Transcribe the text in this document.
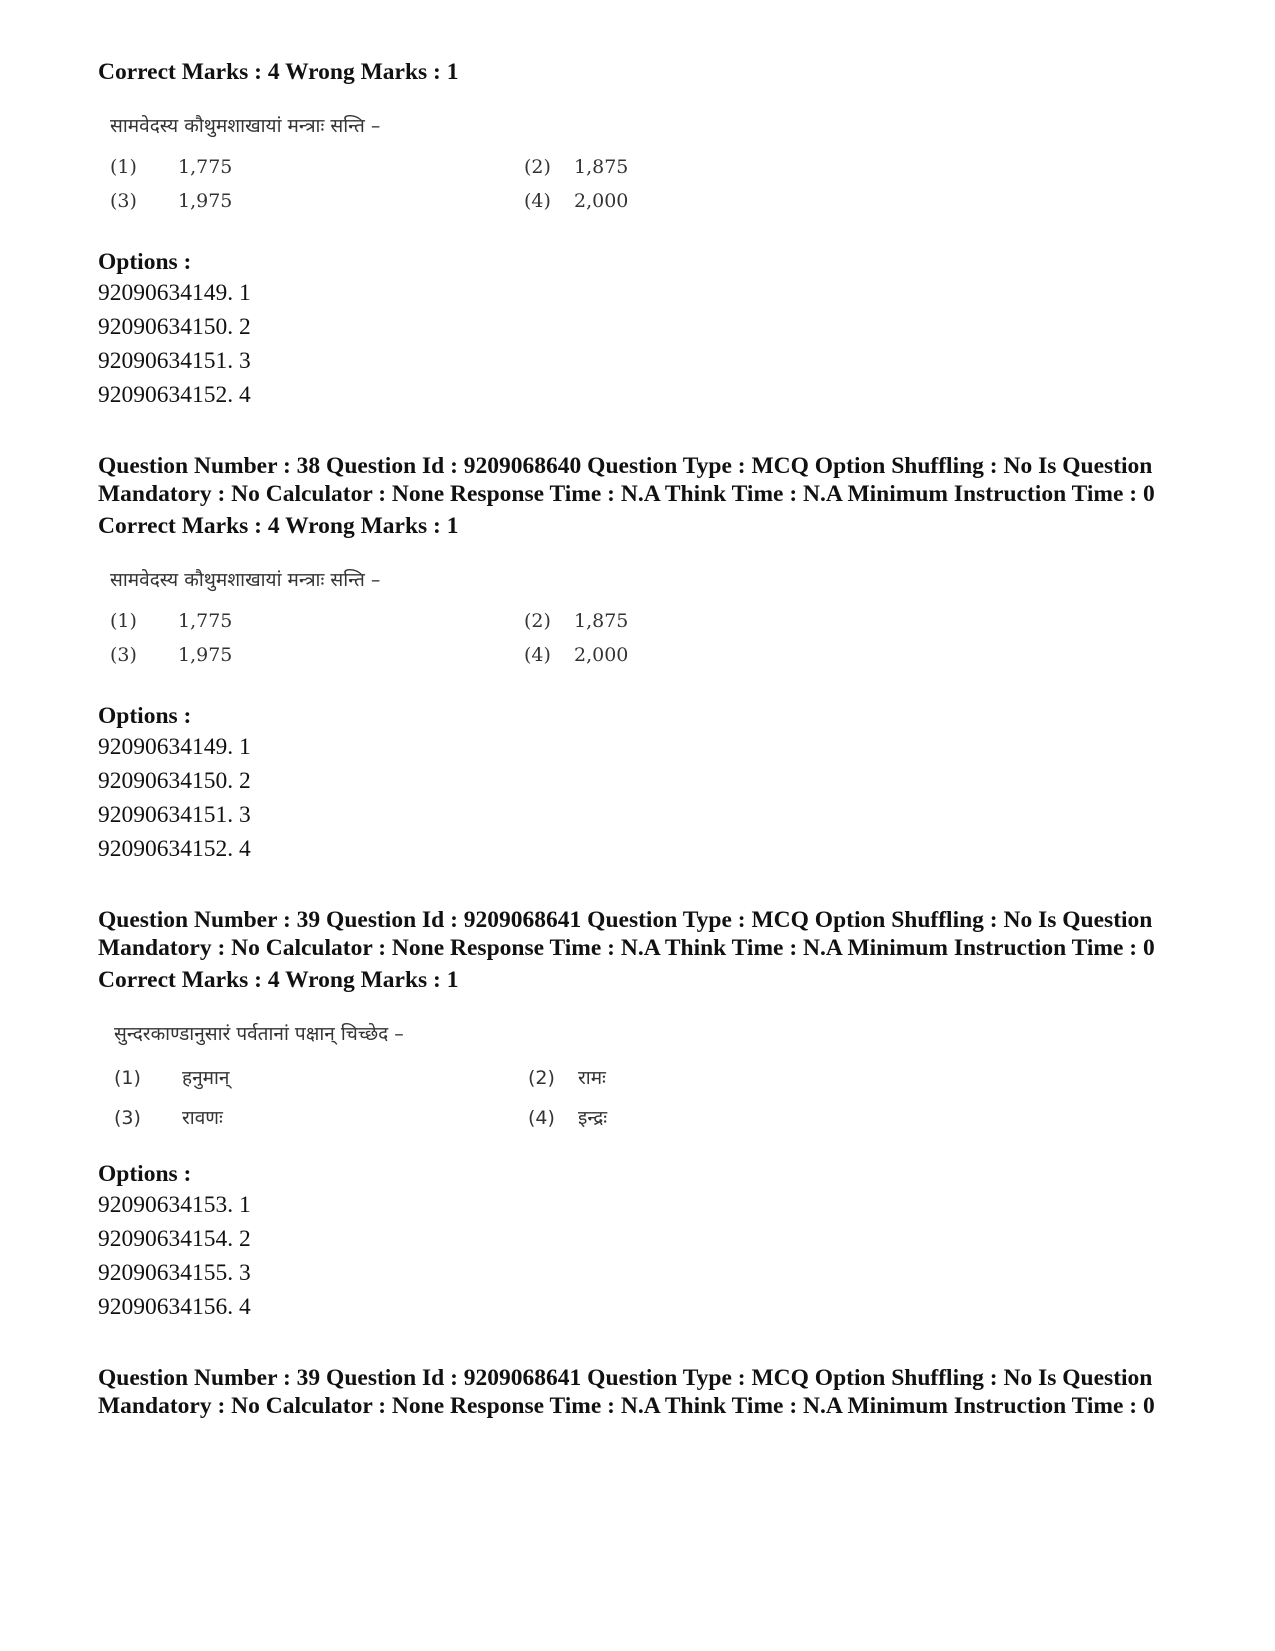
Correct Marks : 4 Wrong Marks : 1

सामवेदस्य कौथुमशाखायां मन्त्राः सन्ति –
(1) 1,775	(2) 1,875
(3) 1,975	(4) 2,000
Options :
92090634149. 1
92090634150. 2
92090634151. 3
92090634152. 4

Question Number : 38 Question Id : 9209068640 Question Type : MCQ Option Shuffling : No Is Question Mandatory : No Calculator : None Response Time : N.A Think Time : N.A Minimum Instruction Time : 0

Correct Marks : 4 Wrong Marks : 1

सामवेदस्य कौथुमशाखायां मन्त्राः सन्ति –
(1) 1,775	(2) 1,875
(3) 1,975	(4) 2,000
Options :
92090634149. 1
92090634150. 2
92090634151. 3
92090634152. 4

Question Number : 39 Question Id : 9209068641 Question Type : MCQ Option Shuffling : No Is Question Mandatory : No Calculator : None Response Time : N.A Think Time : N.A Minimum Instruction Time : 0

Correct Marks : 4 Wrong Marks : 1

सुन्दरकाण्डानुसारं पर्वतानां पक्षान् चिच्छेद –
(1) हनुमान्	(2) रामः
(3) रावणः	(4) इन्द्रः
Options :
92090634153. 1
92090634154. 2
92090634155. 3
92090634156. 4

Question Number : 39 Question Id : 9209068641 Question Type : MCQ Option Shuffling : No Is Question Mandatory : No Calculator : None Response Time : N.A Think Time : N.A Minimum Instruction Time : 0
